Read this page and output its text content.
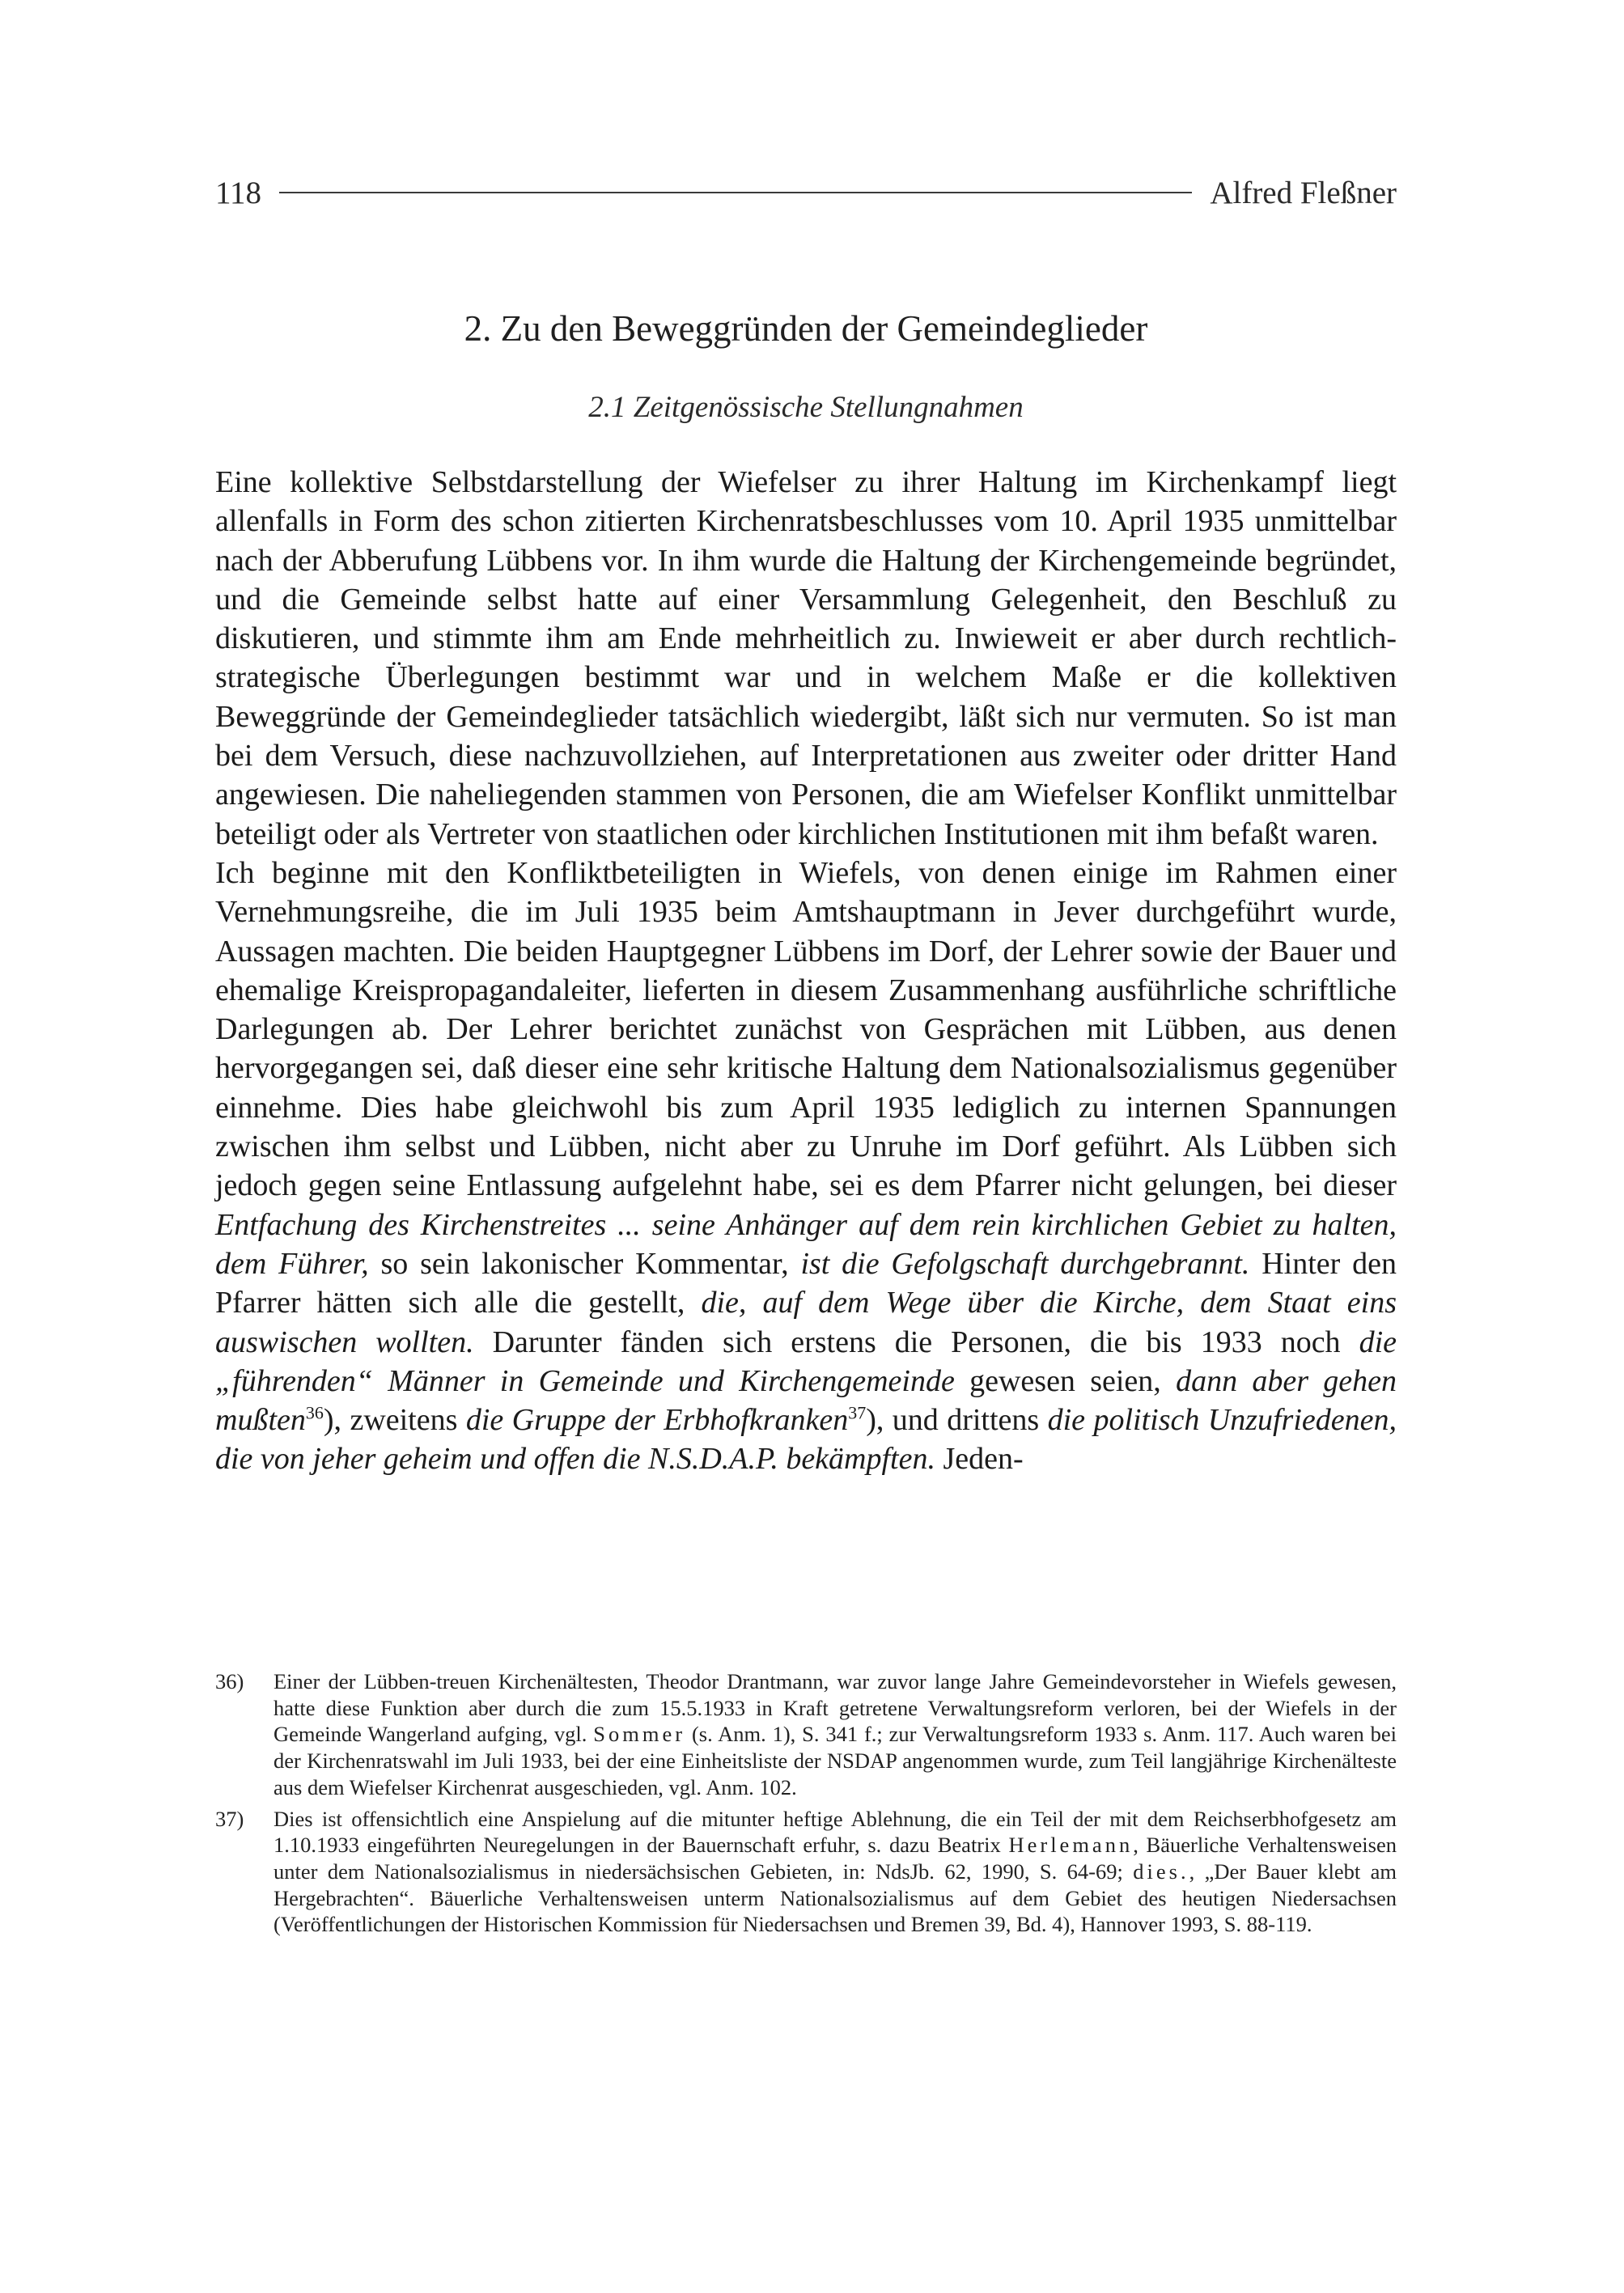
118	Alfred Fleßner
2. Zu den Beweggründen der Gemeindeglieder
2.1 Zeitgenössische Stellungnahmen

Eine kollektive Selbstdarstellung der Wiefelser zu ihrer Haltung im Kirchenkampf liegt allenfalls in Form des schon zitierten Kirchenratsbeschlusses vom 10. April 1935 unmittelbar nach der Abberufung Lübbens vor. In ihm wurde die Haltung der Kirchengemeinde begründet, und die Gemeinde selbst hatte auf einer Versammlung Gelegenheit, den Beschluß zu diskutieren, und stimmte ihm am Ende mehrheitlich zu. Inwieweit er aber durch rechtlich-strategische Überlegungen bestimmt war und in welchem Maße er die kollektiven Beweggründe der Gemeindeglieder tatsächlich wiedergibt, läßt sich nur vermuten. So ist man bei dem Versuch, diese nachzuvollziehen, auf Interpretationen aus zweiter oder dritter Hand angewiesen. Die naheliegenden stammen von Personen, die am Wiefelser Konflikt unmittelbar beteiligt oder als Vertreter von staatlichen oder kirchlichen Institutionen mit ihm befaßt waren.

Ich beginne mit den Konfliktbeteiligten in Wiefels, von denen einige im Rahmen einer Vernehmungsreihe, die im Juli 1935 beim Amtshauptmann in Jever durchgeführt wurde, Aussagen machten. Die beiden Hauptgegner Lübbens im Dorf, der Lehrer sowie der Bauer und ehemalige Kreispropagandaleiter, lieferten in diesem Zusammenhang ausführliche schriftliche Darlegungen ab. Der Lehrer berichtet zunächst von Gesprächen mit Lübben, aus denen hervorgegangen sei, daß dieser eine sehr kritische Haltung dem Nationalsozialismus gegenüber einnehme. Dies habe gleichwohl bis zum April 1935 lediglich zu internen Spannungen zwischen ihm selbst und Lübben, nicht aber zu Unruhe im Dorf geführt. Als Lübben sich jedoch gegen seine Entlassung aufgelehnt habe, sei es dem Pfarrer nicht gelungen, bei dieser Entfachung des Kirchenstreites ... seine Anhänger auf dem rein kirchlichen Gebiet zu halten, dem Führer, so sein lakonischer Kommentar, ist die Gefolgschaft durchgebrannt. Hinter den Pfarrer hätten sich alle die gestellt, die, auf dem Wege über die Kirche, dem Staat eins auswischen wollten. Darunter fänden sich erstens die Personen, die bis 1933 noch die „führenden“ Männer in Gemeinde und Kirchengemeinde gewesen seien, dann aber gehen mußten$^{36}$), zweitens die Gruppe der Erbhofkranken$^{37}$), und drittens die politisch Unzufriedenen, die von jeher geheim und offen die N.S.D.A.P. bekämpften. Jeden-

36) Einer der Lübben-treuen Kirchenältesten, Theodor Drantmann, war zuvor lange Jahre Gemeindevorsteher in Wiefels gewesen, hatte diese Funktion aber durch die zum 15.5.1933 in Kraft getretene Verwaltungsreform verloren, bei der Wiefels in der Gemeinde Wangerland aufging, vgl. Sommer (s. Anm. 1), S. 341 f.; zur Verwaltungsreform 1933 s. Anm. 117. Auch waren bei der Kirchenratswahl im Juli 1933, bei der eine Einheitsliste der NSDAP angenommen wurde, zum Teil langjährige Kirchenälteste aus dem Wiefelser Kirchenrat ausgeschieden, vgl. Anm. 102.
37) Dies ist offensichtlich eine Anspielung auf die mitunter heftige Ablehnung, die ein Teil der mit dem Reichserbhofgesetz am 1.10.1933 eingeführten Neuregelungen in der Bauernschaft erfuhr, s. dazu Beatrix Herlemann, Bäuerliche Verhaltensweisen unter dem Nationalsozialismus in niedersächsischen Gebieten, in: NdsJb. 62, 1990, S. 64-69; dies., „Der Bauer klebt am Hergebrachten“. Bäuerliche Verhaltensweisen unterm Nationalsozialismus auf dem Gebiet des heutigen Niedersachsen (Veröffentlichungen der Historischen Kommission für Niedersachsen und Bremen 39, Bd. 4), Hannover 1993, S. 88-119.
